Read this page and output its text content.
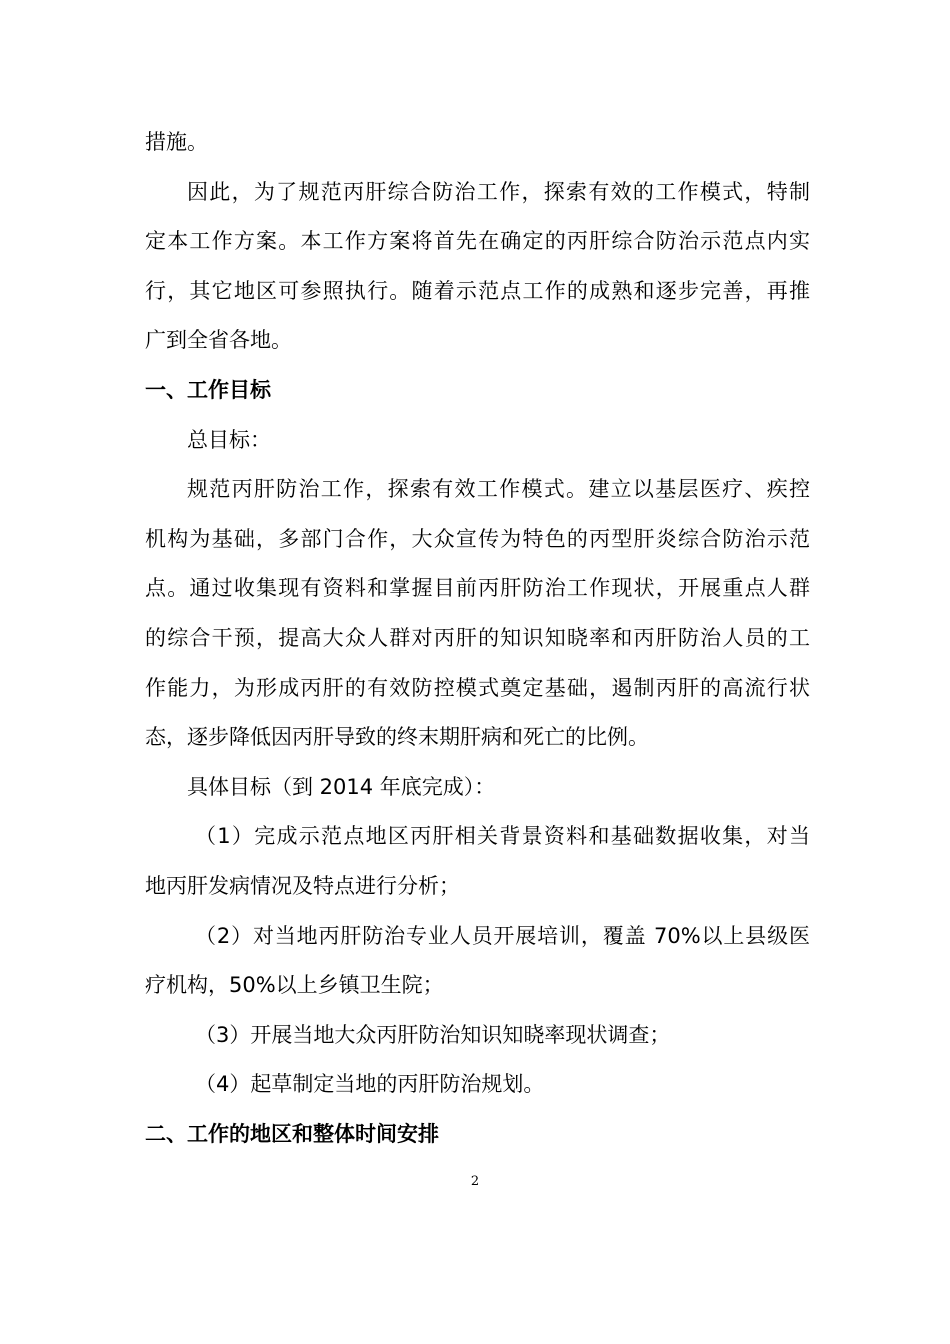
措施。
因此，为了规范丙肝综合防治工作，探索有效的工作模式，特制
定本工作方案。本工作方案将首先在确定的丙肝综合防治示范点内实
行，其它地区可参照执行。随着示范点工作的成熟和逐步完善，再推
广到全省各地。
一、工作目标
总目标：
规范丙肝防治工作，探索有效工作模式。建立以基层医疗、疾控
机构为基础，多部门合作，大众宣传为特色的丙型肝炎综合防治示范
点。通过收集现有资料和掌握目前丙肝防治工作现状，开展重点人群
的综合干预，提高大众人群对丙肝的知识知晓率和丙肝防治人员的工
作能力，为形成丙肝的有效防控模式奠定基础，遏制丙肝的高流行状
态，逐步降低因丙肝导致的终末期肝病和死亡的比例。
具体目标（到 2014 年底完成）：
（1）完成示范点地区丙肝相关背景资料和基础数据收集，对当
地丙肝发病情况及特点进行分析；
（2）对当地丙肝防治专业人员开展培训，覆盖 70%以上县级医
疗机构，50%以上乡镇卫生院；
（3）开展当地大众丙肝防治知识知晓率现状调查；
（4）起草制定当地的丙肝防治规划。
二、工作的地区和整体时间安排
2
